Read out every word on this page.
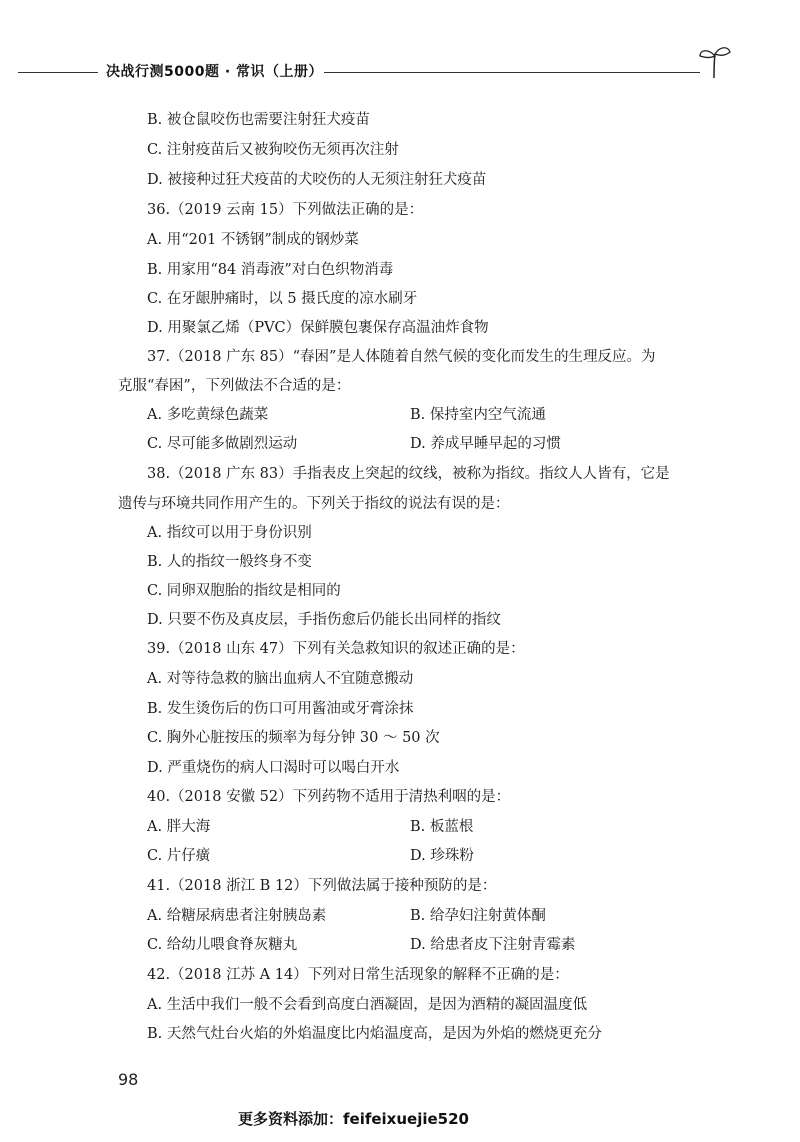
决战行测5000题 · 常识（上册）
B. 被仓鼠咬伤也需要注射狂犬疫苗
C. 注射疫苗后又被狗咬伤无须再次注射
D. 被接种过狂犬疫苗的犬咬伤的人无须注射狂犬疫苗
36.（2019 云南 15）下列做法正确的是：
A. 用“201 不锈钢”制成的钢炒菜
B. 用家用“84 消毒液”对白色织物消毒
C. 在牙龈肿痛时，以 5 摄氏度的凉水刷牙
D. 用聚氯乙烯（PVC）保鲜膜包裹保存高温油炸食物
37.（2018 广东 85）“春困”是人体随着自然气候的变化而发生的生理反应。为
克服“春困”，下列做法不合适的是：
A. 多吃黄绿色蔬菜	B. 保持室内空气流通
C. 尽可能多做剧烈运动	D. 养成早睡早起的习惯
38.（2018 广东 83）手指表皮上突起的纹线，被称为指纹。指纹人人皆有，它是
遗传与环境共同作用产生的。下列关于指纹的说法有误的是：
A. 指纹可以用于身份识别
B. 人的指纹一般终身不变
C. 同卵双胞胎的指纹是相同的
D. 只要不伤及真皮层，手指伤愈后仍能长出同样的指纹
39.（2018 山东 47）下列有关急救知识的叙述正确的是：
A. 对等待急救的脑出血病人不宜随意搬动
B. 发生烫伤后的伤口可用酱油或牙膏涂抹
C. 胸外心脏按压的频率为每分钟 30 ～ 50 次
D. 严重烧伤的病人口渴时可以喝白开水
40.（2018 安徽 52）下列药物不适用于清热利咽的是：
A. 胖大海	B. 板蓝根
C. 片仔癀	D. 珍珠粉
41.（2018 浙江 B 12）下列做法属于接种预防的是：
A. 给糖尿病患者注射胰岛素	B. 给孕妇注射黄体酮
C. 给幼儿喂食脊灰糖丸	D. 给患者皮下注射青霉素
42.（2018 江苏 A 14）下列对日常生活现象的解释不正确的是：
A. 生活中我们一般不会看到高度白酒凝固，是因为酒精的凝固温度低
B. 天然气灶台火焰的外焰温度比内焰温度高，是因为外焰的燃烧更充分
98
更多资料添加：feifeixuejie520
